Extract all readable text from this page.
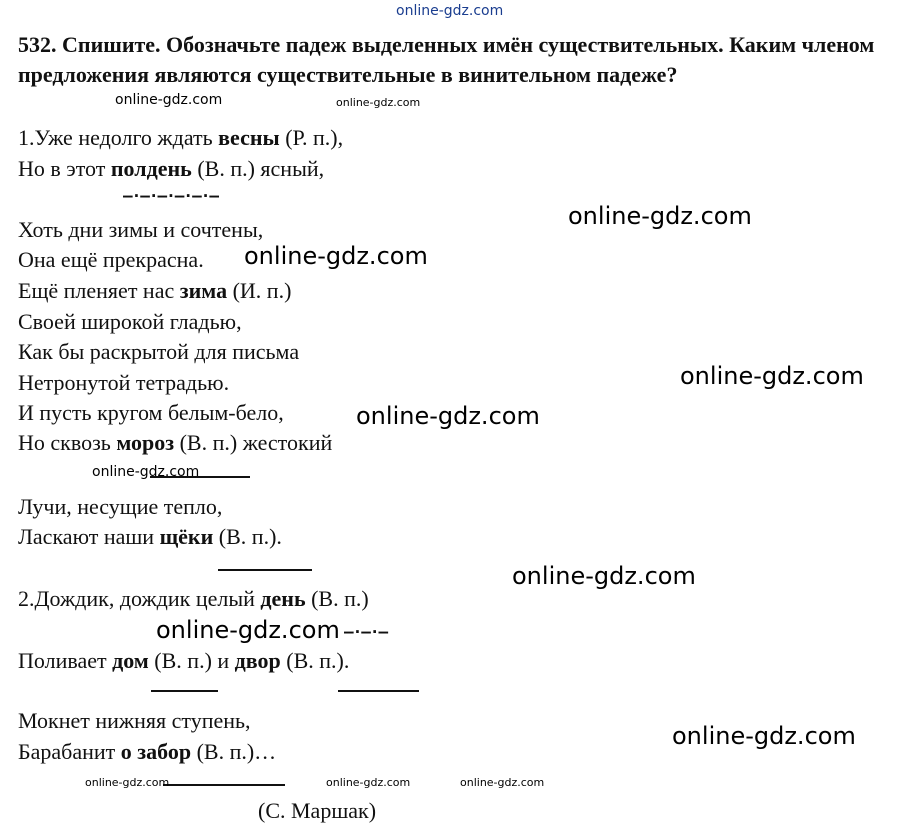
online-gdz.com
532. Спишите. Обозначьте падеж выделенных имён существительных. Каким членом предложения являются существительные в винительном падеже?
1.Уже недолго ждать весны (Р. п.),
Но в этот полдень (В. п.) ясный,
–·–·–·–·–·–
Хоть дни зимы и сочтены,
Она ещё прекрасна.
Ещё пленяет нас зима (И. п.)
Своей широкой гладью,
Как бы раскрытой для письма
Нетронутой тетрадью.
И пусть кругом белым-бело,
Но сквозь мороз (В. п.) жестокий
Лучи, несущие тепло,
Ласкают наши щёки (В. п.).
2.Дождик, дождик целый день (В. п.)
–·–·–
Поливает дом (В. п.) и двор (В. п.).
Мокнет нижняя ступень,
Барабанит о забор (В. п.)…
(С. Маршак)
online-gdz.com	online-gdz.com
online-gdz.com
online-gdz.com
online-gdz.com
online-gdz.com
online-gdz.com
online-gdz.com
online-gdz.com
online-gdz.com
online-gdz.com	online-gdz.com	online-gdz.com
